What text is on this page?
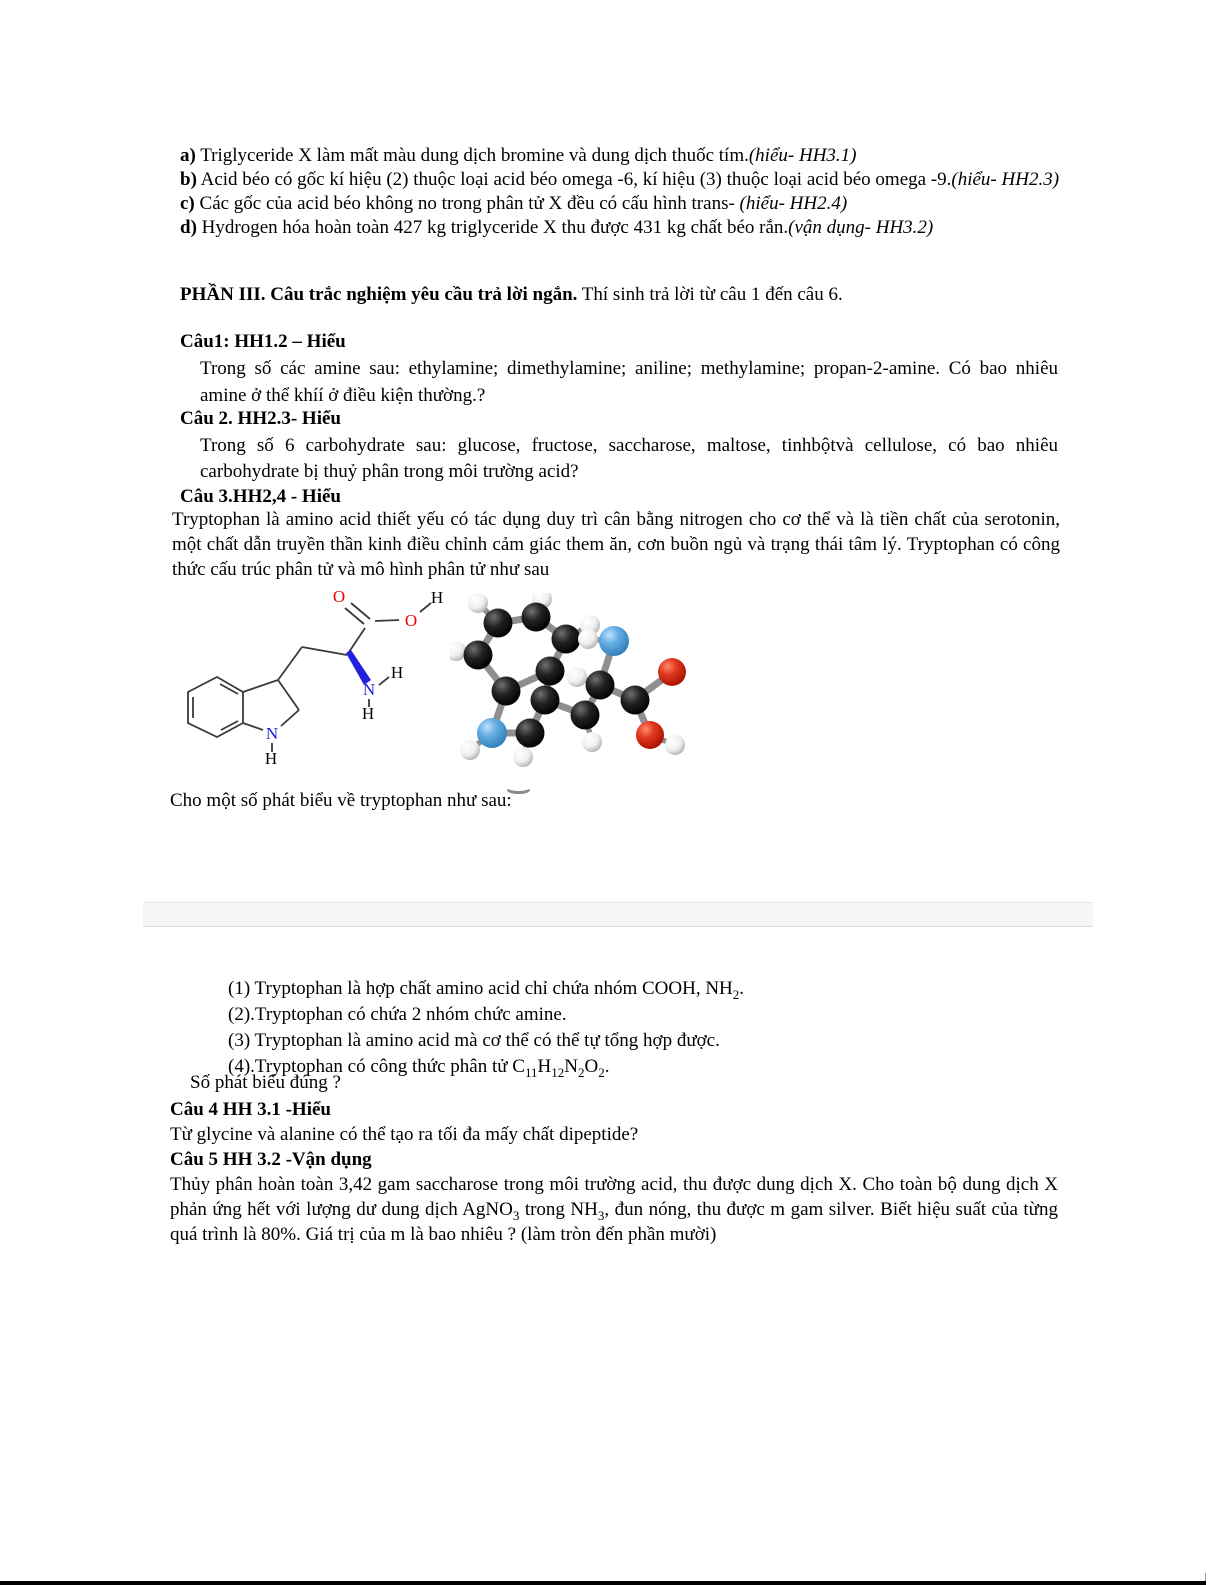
a) Triglyceride X làm mất màu dung dịch bromine và dung dịch thuốc tím.(hiểu- HH3.1)

b) Acid béo có gốc kí hiệu (2) thuộc loại acid béo omega -6, kí hiệu (3) thuộc loại acid béo omega -9.(hiểu- HH2.3)

c) Các gốc của acid béo không no trong phân tử X đều có cấu hình trans- (hiểu- HH2.4)

d) Hydrogen hóa hoàn toàn 427 kg triglyceride X thu được 431 kg chất béo rắn.(vận dụng- HH3.2)

PHẦN III. Câu trắc nghiệm yêu cầu trả lời ngắn. Thí sinh trả lời từ câu 1 đến câu 6.
Câu1: HH1.2 – Hiểu
Trong số các amine sau: ethylamine; dimethylamine; aniline; methylamine; propan-2-amine. Có bao nhiêu amine ở thể khíí ở điều kiện thường.?
Câu 2. HH2.3- Hiểu
Trong số 6 carbohydrate sau: glucose, fructose, saccharose, maltose, tinhbộtvà cellulose, có bao nhiêu carbohydrate bị thuỷ phân trong môi trường acid?
Câu 3.HH2,4 - Hiểu
Tryptophan là amino acid thiết yếu có tác dụng duy trì cân bằng nitrogen cho cơ thể và là tiền chất của serotonin, một chất dẫn truyền thần kinh điều chỉnh cảm giác them ăn, cơn buồn ngủ và trạng thái tâm lý. Tryptophan có công thức cấu trúc phân tử và mô hình phân tử như sau
O	H
O
N
H
H
N
H
Cho một số phát biểu về tryptophan như sau:

(1) Tryptophan là hợp chất amino acid chỉ chứa nhóm COOH, $NH_2$.

(2).Tryptophan có chứa 2 nhóm chức amine.

(3) Tryptophan là amino acid mà cơ thể có thể tự tổng hợp được.

(4).Tryptophan có công thức phân tử $C_{11}H_{12}N_2O_2$.

Số phát biểu đúng ?
Câu 4 HH 3.1 -Hiểu
Từ glycine và alanine có thể tạo ra tối đa mấy chất dipeptide?
Câu 5 HH 3.2 -Vận dụng
Thủy phân hoàn toàn 3,42 gam saccharose trong môi trường acid, thu được dung dịch X. Cho toàn bộ dung dịch X phản ứng hết với lượng dư dung dịch AgNO$_3$ trong $NH_3$, đun nóng, thu được m gam silver. Biết hiệu suất của từng quá trình là 80%. Giá trị của m là bao nhiêu ? (làm tròn đến phần mười)
